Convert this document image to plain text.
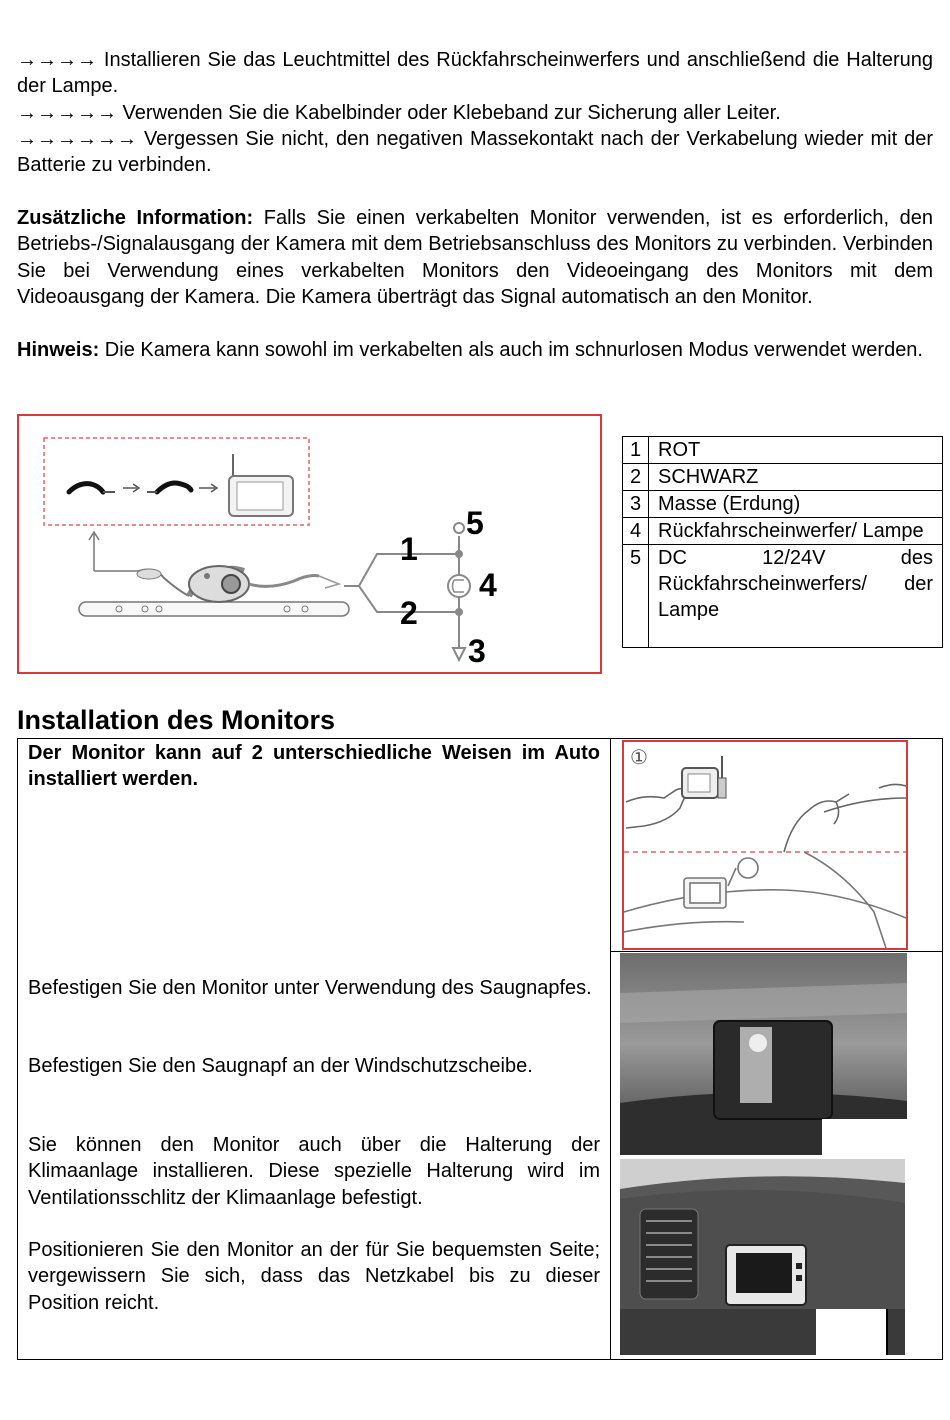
→→→→ Installieren Sie das Leuchtmittel des Rückfahrscheinwerfers und anschließend die Halterung der Lampe.

→→→→→ Verwenden Sie die Kabelbinder oder Klebeband zur Sicherung aller Leiter.

→→→→→→ Vergessen Sie nicht, den negativen Massekontakt nach der Verkabelung wieder mit der Batterie zu verbinden.

Zusätzliche Information: Falls Sie einen verkabelten Monitor verwenden, ist es erforderlich, den Betriebs-/Signalausgang der Kamera mit dem Betriebsanschluss des Monitors zu verbinden. Verbinden Sie bei Verwendung eines verkabelten Monitors den Videoeingang des Monitors mit dem Videoausgang der Kamera. Die Kamera überträgt das Signal automatisch an den Monitor.

Hinweis: Die Kamera kann sowohl im verkabelten als auch im schnurlosen Modus verwendet werden.

1
2
3
4
5
1	ROT
2	SCHWARZ
3	Masse (Erdung)
4	Rückfahrscheinwerfer/ Lampe
5	DC 12/24V des Rückfahrscheinwerfers/ der Lampe
Installation des Monitors

Der Monitor kann auf 2 unterschiedliche Weisen im Auto installiert werden.

Befestigen Sie den Monitor unter Verwendung des Saugnapfes.

Befestigen Sie den Saugnapf an der Windschutzscheibe.

Sie können den Monitor auch über die Halterung der Klimaanlage installieren. Diese spezielle Halterung wird im Ventilationsschlitz der Klimaanlage befestigt.

Positionieren Sie den Monitor an der für Sie bequemsten Seite; vergewissern Sie sich, dass das Netzkabel bis zu dieser Position reicht.

①
